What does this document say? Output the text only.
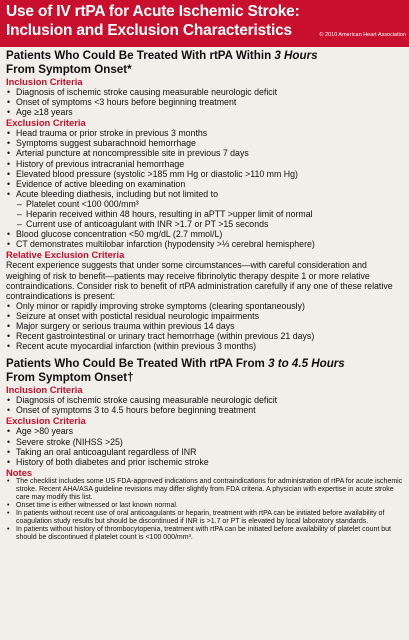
Use of IV rtPA for Acute Ischemic Stroke:
Inclusion and Exclusion Characteristics	© 2010 American Heart Association

Patients Who Could Be Treated With rtPA Within 3 Hours
From Symptom Onset*

Inclusion Criteria

• Diagnosis of ischemic stroke causing measurable neurologic deficit
• Onset of symptoms <3 hours before beginning treatment
• Age ≥18 years

Exclusion Criteria

• Head trauma or prior stroke in previous 3 months
• Symptoms suggest subarachnoid hemorrhage
• Arterial puncture at noncompressible site in previous 7 days
• History of previous intracranial hemorrhage
• Elevated blood pressure (systolic >185 mm Hg or diastolic >110 mm Hg)
• Evidence of active bleeding on examination
• Acute bleeding diathesis, including but not limited to
– Platelet count <100 000/mm³
– Heparin received within 48 hours, resulting in aPTT >upper limit of normal
– Current use of anticoagulant with INR >1.7 or PT >15 seconds
• Blood glucose concentration <50 mg/dL (2.7 mmol/L)
• CT demonstrates multilobar infarction (hypodensity >⅓ cerebral hemisphere)

Relative Exclusion Criteria

Recent experience suggests that under some circumstances—with careful consideration and weighing of risk to benefit—patients may receive fibrinolytic therapy despite 1 or more relative contraindications. Consider risk to benefit of rtPA administration carefully if any one of these relative contraindications is present:

• Only minor or rapidly improving stroke symptoms (clearing spontaneously)
• Seizure at onset with postictal residual neurologic impairments
• Major surgery or serious trauma within previous 14 days
• Recent gastrointestinal or urinary tract hemorrhage (within previous 21 days)
• Recent acute myocardial infarction (within previous 3 months)

Patients Who Could Be Treated With rtPA From 3 to 4.5 Hours
From Symptom Onset†

Inclusion Criteria

• Diagnosis of ischemic stroke causing measurable neurologic deficit
• Onset of symptoms 3 to 4.5 hours before beginning treatment

Exclusion Criteria

• Age >80 years
• Severe stroke (NIHSS >25)
• Taking an oral anticoagulant regardless of INR
• History of both diabetes and prior ischemic stroke

Notes

• The checklist includes some US FDA-approved indications and contraindications for administration of rtPA for acute ischemic stroke. Recent AHA/ASA guideline revisions may differ slightly from FDA criteria. A physician with expertise in acute stroke care may modify this list.
• Onset time is either witnessed or last known normal.
• In patients without recent use of oral anticoagulants or heparin, treatment with rtPA can be initiated before availability of coagulation study results but should be discontinued if INR is >1.7 or PT is elevated by local laboratory standards.
• In patients without history of thrombocytopenia, treatment with rtPA can be initiated before availability of platelet count but should be discontinued if platelet count is <100 000/mm³.
